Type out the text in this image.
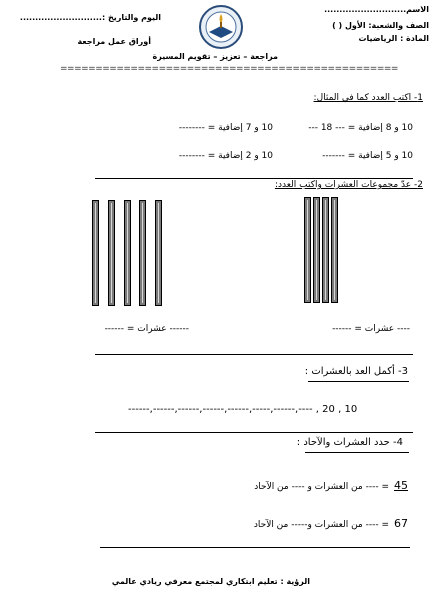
الاسم...........................
الصف والشعبة: الأول ( )
المادة : الرياضيات
اليوم والتاريخ :...........................
أوراق عمل مراجعة
مراجعة – تعزيز – تقويم المسيرة
================================================
1- اكتب العدد كما في المثال:
10 و 8 إضافية = --- 18 ---
10 و 7 إضافية = --------
10 و 5 إضافية = -------
10 و 2 إضافية = --------
2- عدّ مجموعات العشرات واكتب العدد:
---- عشرات = ------
------ عشرات = ------
3- أكمل العد بالعشرات :
10 , 20 , ----,------,-----,------,------,------,------,------
4- حدد العشرات والآحاد :
45
= ---- من العشرات و ---- من الآحاد
67
= ---- من العشرات و----- من الآحاد
الرؤية : تعليم ابتكاري لمجتمع معرفي ريادي عالمي
